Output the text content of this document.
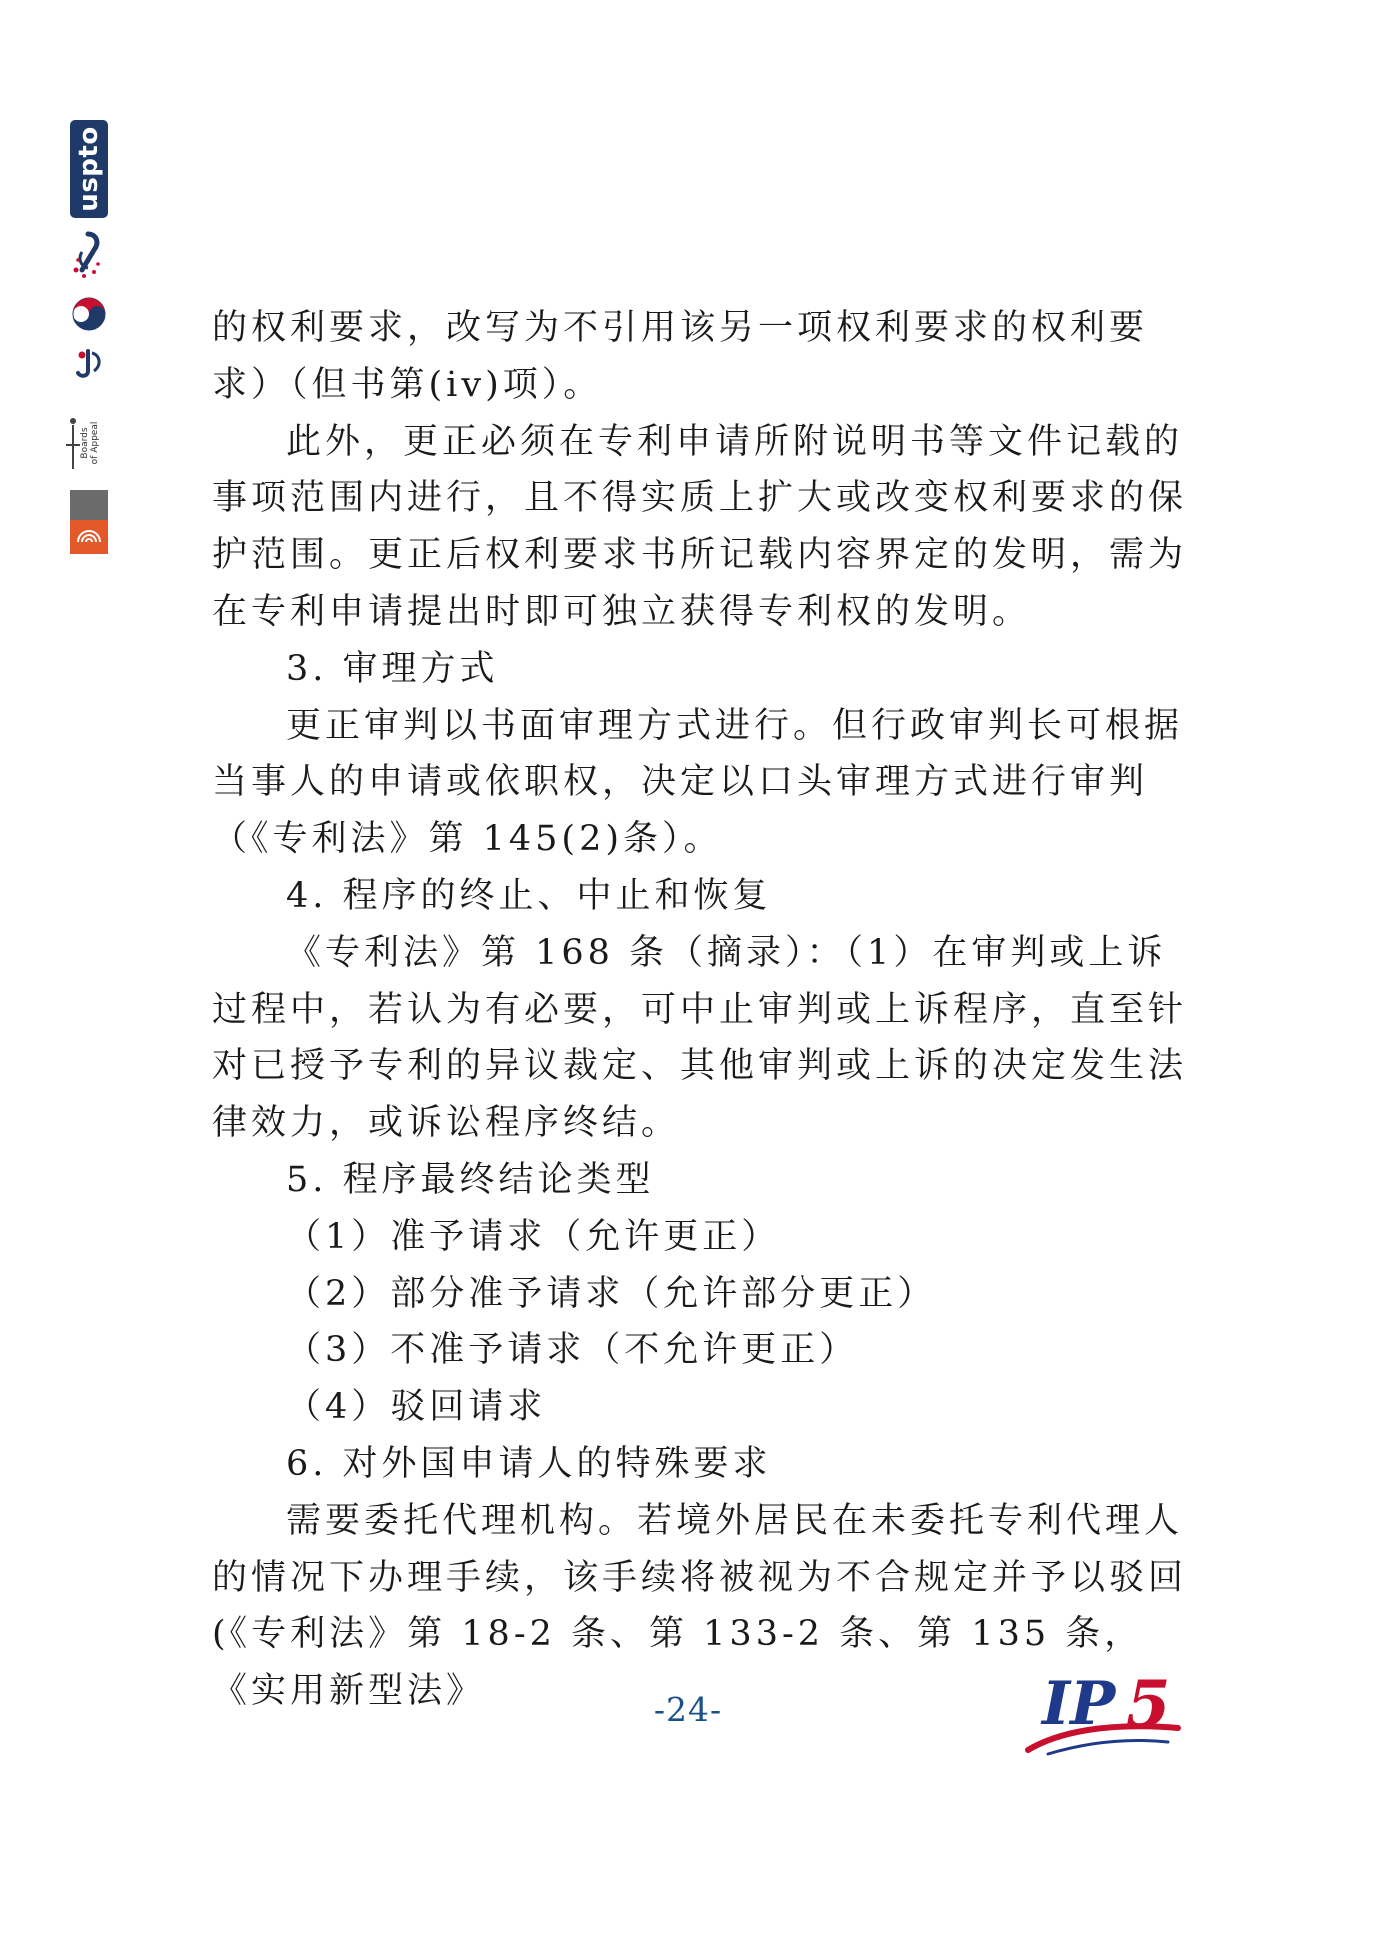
uspto
Boards
of Appeal

的权利要求，改写为不引用该另一项权利要求的权利要求）（但书第(iv)项）。

此外，更正必须在专利申请所附说明书等文件记载的事项范围内进行，且不得实质上扩大或改变权利要求的保护范围。更正后权利要求书所记载内容界定的发明，需为在专利申请提出时即可独立获得专利权的发明。

3. 审理方式

更正审判以书面审理方式进行。但行政审判长可根据当事人的申请或依职权，决定以口头审理方式进行审判（《专利法》第 145(2)条）。

4. 程序的终止、中止和恢复

《专利法》第 168 条（摘录）：（1）在审判或上诉过程中，若认为有必要，可中止审判或上诉程序，直至针对已授予专利的异议裁定、其他审判或上诉的决定发生法律效力，或诉讼程序终结。

5. 程序最终结论类型

（1）准予请求（允许更正）

（2）部分准予请求（允许部分更正）

（3）不准予请求（不允许更正）

（4）驳回请求

6. 对外国申请人的特殊要求

需要委托代理机构。若境外居民在未委托专利代理人的情况下办理手续，该手续将被视为不合规定并予以驳回(《专利法》第 18-2 条、第 133-2 条、第 135 条，《实用新型法》	-24-	IP 5
